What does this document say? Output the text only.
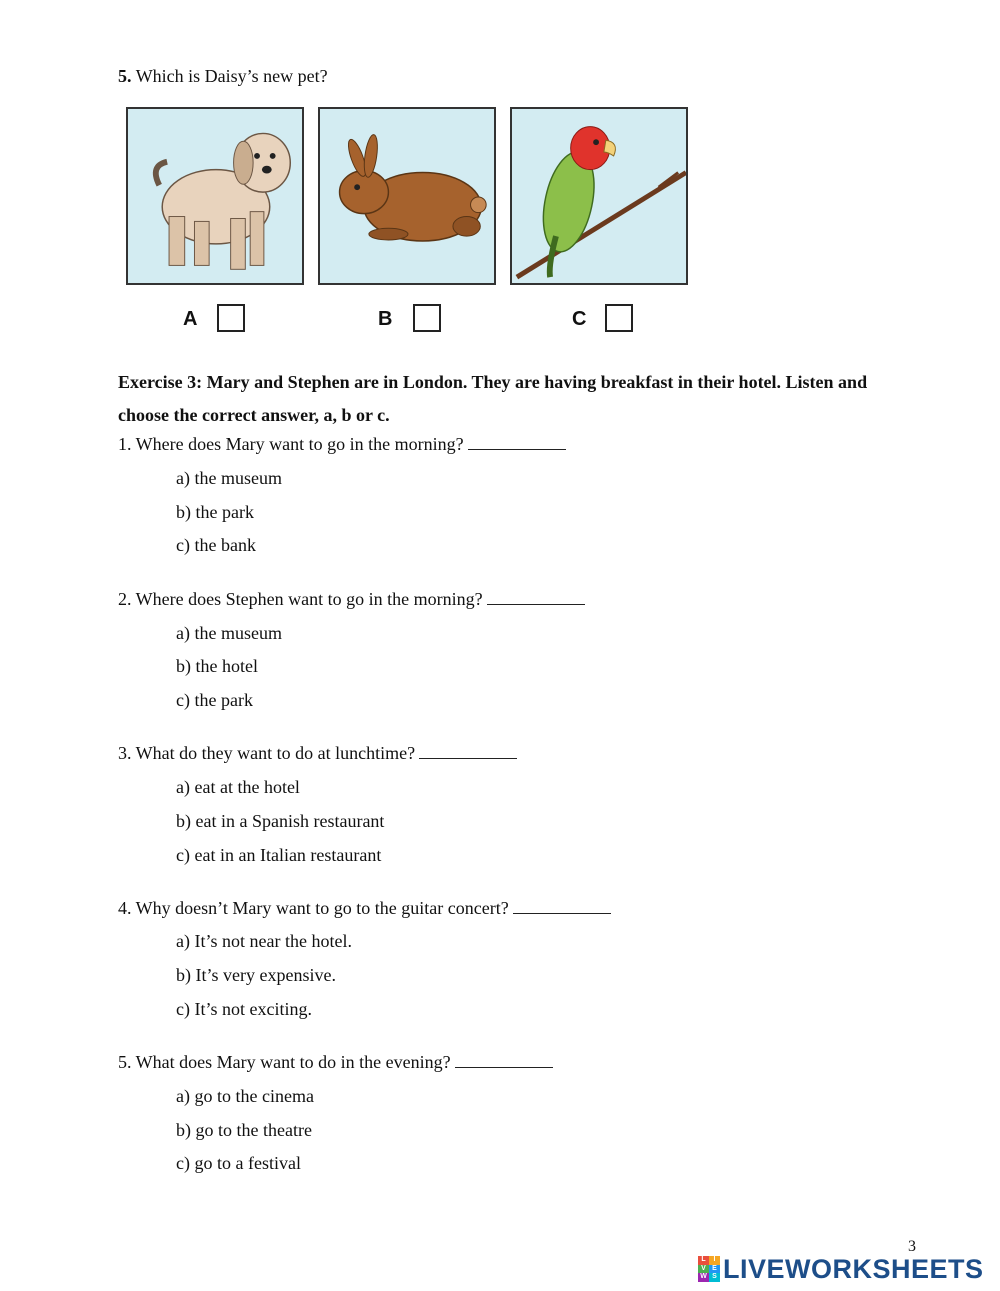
5. Which is Daisy’s new pet?
A	B	C
Exercise 3: Mary and Stephen are in London. They are having breakfast in their hotel. Listen and choose the correct answer, a, b or c.
1. Where does Mary want to go in the morning?
a) the museum
b) the park
c) the bank
2. Where does Stephen want to go in the morning?
a) the museum
b) the hotel
c) the park
3. What do they want to do at lunchtime?
a) eat at the hotel
b) eat in a Spanish restaurant
c) eat in an Italian restaurant
4. Why doesn’t Mary want to go to the guitar concert?
a) It’s not near the hotel.
b) It’s very expensive.
c) It’s not exciting.
5. What does Mary want to do in the evening?
a) go to the cinema
b) go to the theatre
c) go to a festival
3
L	I
V E
W S LIVEWORKSHEETS
